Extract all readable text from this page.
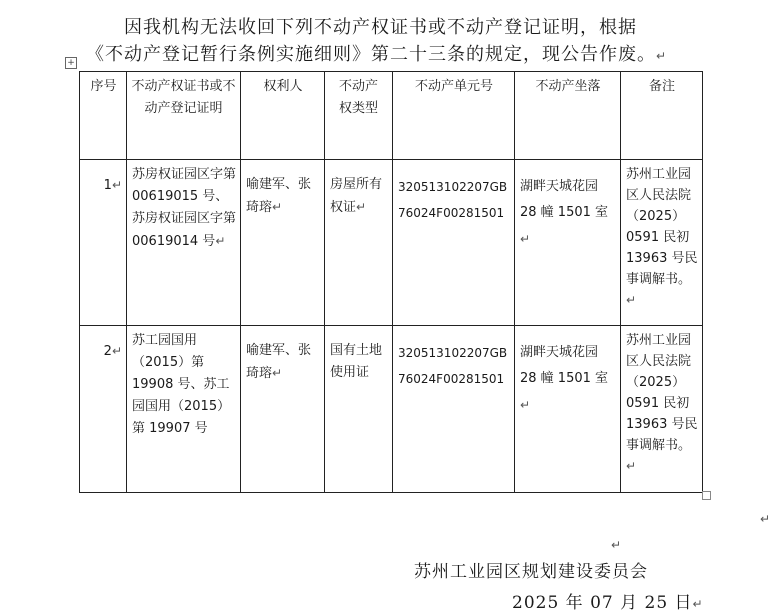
因我机构无法收回下列不动产权证书或不动产登记证明，根据
《不动产登记暂行条例实施细则》第二十三条的规定，现公告作废。↵
+
序号	不动产权证书或不动产登记证明	权利人	不动产权类型	不动产单元号	不动产坐落	备注
1↵	苏房权证园区字第 00619015 号、苏房权证园区字第 00619014 号↵	喻建军、张琦瑢↵	房屋所有权证↵	320513102207GB76024F00281501	湖畔天城花园 28 幢 1501 室↵	苏州工业园区人民法院（2025）0591 民初 13963 号民事调解书。↵
2↵	苏工园国用（2015）第 19908 号、苏工园国用（2015）第 19907 号	喻建军、张琦瑢↵	国有土地使用证	320513102207GB76024F00281501	湖畔天城花园 28 幢 1501 室↵	苏州工业园区人民法院（2025）0591 民初 13963 号民事调解书。↵
↵
↵
苏州工业园区规划建设委员会
2025 年 07 月 25 日↵
